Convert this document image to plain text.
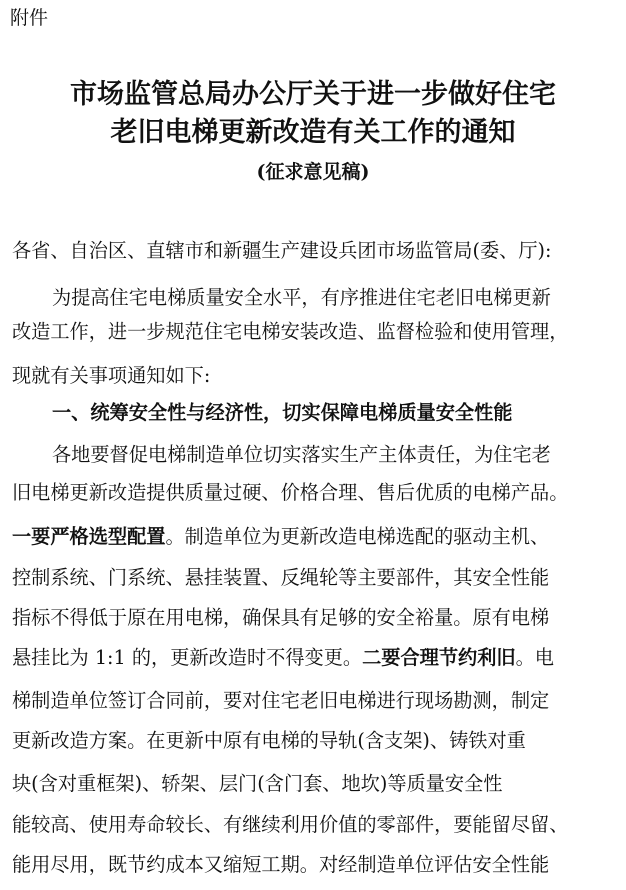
附件
市场监管总局办公厅关于进一步做好住宅
老旧电梯更新改造有关工作的通知
(征求意见稿)
各省、自治区、直辖市和新疆生产建设兵团市场监管局(委、厅):
为提高住宅电梯质量安全水平，有序推进住宅老旧电梯更新
改造工作，进一步规范住宅电梯安装改造、监督检验和使用管理，
现就有关事项通知如下:
一、统筹安全性与经济性，切实保障电梯质量安全性能
各地要督促电梯制造单位切实落实生产主体责任，为住宅老
旧电梯更新改造提供质量过硬、价格合理、售后优质的电梯产品。
一要严格选型配置。制造单位为更新改造电梯选配的驱动主机、
控制系统、门系统、悬挂装置、反绳轮等主要部件，其安全性能
指标不得低于原在用电梯，确保具有足够的安全裕量。原有电梯
悬挂比为 1:1 的，更新改造时不得变更。二要合理节约利旧。电
梯制造单位签订合同前，要对住宅老旧电梯进行现场勘测，制定
更新改造方案。在更新中原有电梯的导轨(含支架)、铸铁对重
块(含对重框架)、轿架、层门(含门套、地坎)等质量安全性
能较高、使用寿命较长、有继续利用价值的零部件，要能留尽留、
能用尽用，既节约成本又缩短工期。对经制造单位评估安全性能
